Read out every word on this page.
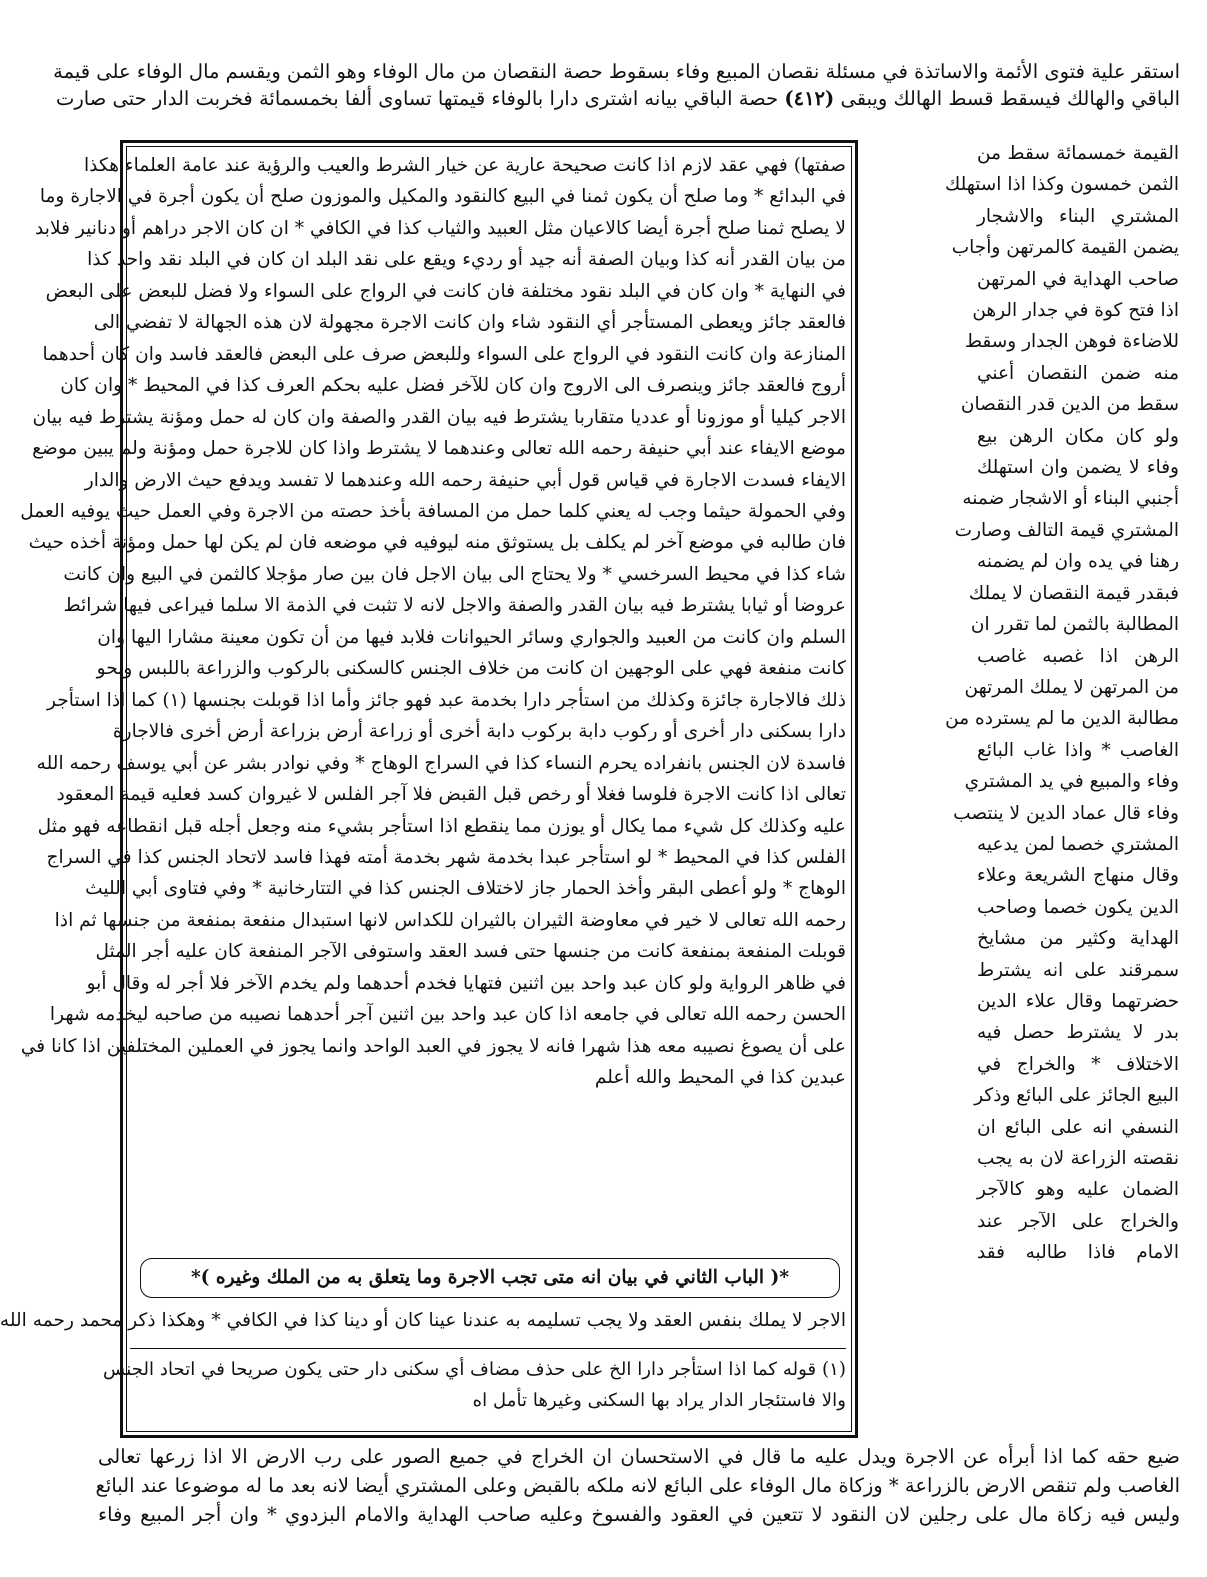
استقر علية فتوى الأئمة والاساتذة في مسئلة نقصان المبيع وفاء بسقوط حصة النقصان من مال الوفاء وهو الثمن ويقسم مال الوفاء على قيمة
الباقي والهالك فيسقط قسط الهالك ويبقى (٤١٢) حصة الباقي بيانه اشترى دارا بالوفاء قيمتها تساوى ألفا بخمسمائة فخربت الدار حتى صارت
القيمة خمسمائة سقط من
الثمن خمسون وكذا اذا استهلك
المشتري البناء والاشجار
يضمن القيمة كالمرتهن وأجاب
صاحب الهداية في المرتهن
اذا فتح كوة في جدار الرهن
للاضاءة فوهن الجدار وسقط
منه ضمن النقصان أعني
سقط من الدين قدر النقصان
ولو كان مكان الرهن بيع
وفاء لا يضمن وان استهلك
أجنبي البناء أو الاشجار ضمنه
المشتري قيمة التالف وصارت
رهنا في يده وان لم يضمنه
فبقدر قيمة النقصان لا يملك
المطالبة بالثمن لما تقرر ان
الرهن اذا غصبه غاصب
من المرتهن لا يملك المرتهن
مطالبة الدين ما لم يسترده من
الغاصب * واذا غاب البائع
وفاء والمبيع في يد المشتري
وفاء قال عماد الدين لا ينتصب
المشتري خصما لمن يدعيه
وقال منهاج الشريعة وعلاء
الدين يكون خصما وصاحب
الهداية وكثير من مشايخ
سمرقند على انه يشترط
حضرتهما وقال علاء الدين
بدر لا يشترط حصل فيه
الاختلاف * والخراج في
البيع الجائز على البائع وذكر
النسفي انه على البائع ان
نقصته الزراعة لان به يجب
الضمان عليه وهو كالآجر
والخراج على الآجر عند
الامام فاذا طالبه فقد
صفتها) فهي عقد لازم اذا كانت صحيحة عارية عن خيار الشرط والعيب والرؤية عند عامة العلماء هكذا
في البدائع * وما صلح أن يكون ثمنا في البيع كالنقود والمكيل والموزون صلح أن يكون أجرة في الاجارة وما
لا يصلح ثمنا صلح أجرة أيضا كالاعيان مثل العبيد والثياب كذا في الكافي * ان كان الاجر دراهم أو دنانير فلابد
من بيان القدر أنه كذا وبيان الصفة أنه جيد أو رديء ويقع على نقد البلد ان كان في البلد نقد واحد كذا
في النهاية * وان كان في البلد نقود مختلفة فان كانت في الرواج على السواء ولا فضل للبعض على البعض
فالعقد جائز ويعطى المستأجر أي النقود شاء وان كانت الاجرة مجهولة لان هذه الجهالة لا تفضي الى
المنازعة وان كانت النقود في الرواج على السواء وللبعض صرف على البعض فالعقد فاسد وان كان أحدهما
أروج فالعقد جائز وينصرف الى الاروج وان كان للآخر فضل عليه بحكم العرف كذا في المحيط * وان كان
الاجر كيليا أو موزونا أو عدديا متقاربا يشترط فيه بيان القدر والصفة وان كان له حمل ومؤنة يشترط فيه بيان
موضع الايفاء عند أبي حنيفة رحمه الله تعالى وعندهما لا يشترط واذا كان للاجرة حمل ومؤنة ولم يبين موضع
الايفاء فسدت الاجارة في قياس قول أبي حنيفة رحمه الله وعندهما لا تفسد ويدفع حيث الارض والدار
وفي الحمولة حيثما وجب له يعني كلما حمل من المسافة بأخذ حصته من الاجرة وفي العمل حيث يوفيه العمل
فان طالبه في موضع آخر لم يكلف بل يستوثق منه ليوفيه في موضعه فان لم يكن لها حمل ومؤنة أخذه حيث
شاء كذا في محيط السرخسي * ولا يحتاج الى بيان الاجل فان بين صار مؤجلا كالثمن في البيع وان كانت
عروضا أو ثيابا يشترط فيه بيان القدر والصفة والاجل لانه لا تثبت في الذمة الا سلما فيراعى فيها شرائط
السلم وان كانت من العبيد والجواري وسائر الحيوانات فلابد فيها من أن تكون معينة مشارا اليها وان
كانت منفعة فهي على الوجهين ان كانت من خلاف الجنس كالسكنى بالركوب والزراعة باللبس ونحو
ذلك فالاجارة جائزة وكذلك من استأجر دارا بخدمة عبد فهو جائز وأما اذا قوبلت بجنسها (١) كما اذا استأجر
دارا بسكنى دار أخرى أو ركوب دابة بركوب دابة أخرى أو زراعة أرض بزراعة أرض أخرى فالاجارة
فاسدة لان الجنس بانفراده يحرم النساء كذا في السراج الوهاج * وفي نوادر بشر عن أبي يوسف رحمه الله
تعالى اذا كانت الاجرة فلوسا فغلا أو رخص قبل القبض فلا آجر الفلس لا غيروان كسد فعليه قيمة المعقود
عليه وكذلك كل شيء مما يكال أو يوزن مما ينقطع اذا استأجر بشيء منه وجعل أجله قبل انقطاعه فهو مثل
الفلس كذا في المحيط * لو استأجر عبدا بخدمة شهر بخدمة أمته فهذا فاسد لاتحاد الجنس كذا في السراج
الوهاج * ولو أعطى البقر وأخذ الحمار جاز لاختلاف الجنس كذا في التتارخانية * وفي فتاوى أبي الليث
رحمه الله تعالى لا خير في معاوضة الثيران بالثيران للكداس لانها استبدال منفعة بمنفعة من جنسها ثم اذا
قوبلت المنفعة بمنفعة كانت من جنسها حتى فسد العقد واستوفى الآجر المنفعة كان عليه أجر المثل
في ظاهر الرواية ولو كان عبد واحد بين اثنين فتهايا فخدم أحدهما ولم يخدم الآخر فلا أجر له وقال أبو
الحسن رحمه الله تعالى في جامعه اذا كان عبد واحد بين اثنين آجر أحدهما نصيبه من صاحبه ليخدمه شهرا
على أن يصوغ نصيبه معه هذا شهرا فانه لا يجوز في العبد الواحد وانما يجوز في العملين المختلفين اذا كانا في
عبدين كذا في المحيط والله أعلم
*( الباب الثاني في بيان انه متى تجب الاجرة وما يتعلق به من الملك وغيره )*
الاجر لا يملك بنفس العقد ولا يجب تسليمه به عندنا عينا كان أو دينا كذا في الكافي * وهكذا ذكر محمد رحمه الله
(١) قوله كما اذا استأجر دارا الخ على حذف مضاف أي سكنى دار حتى يكون صريحا في اتحاد الجنس
والا فاستئجار الدار يراد بها السكنى وغيرها تأمل اه
ضيع حقه كما اذا أبرأه عن الاجرة ويدل عليه ما قال في الاستحسان ان الخراج في جميع الصور على رب الارض الا اذا زرعها تعالى
الغاصب ولم تنقص الارض بالزراعة * وزكاة مال الوفاء على البائع لانه ملكه بالقبض وعلى المشتري أيضا لانه بعد ما له موضوعا عند البائع
وليس فيه زكاة مال على رجلين لان النقود لا تتعين في العقود والفسوخ وعليه صاحب الهداية والامام البزدوي * وان أجر المبيع وفاء
